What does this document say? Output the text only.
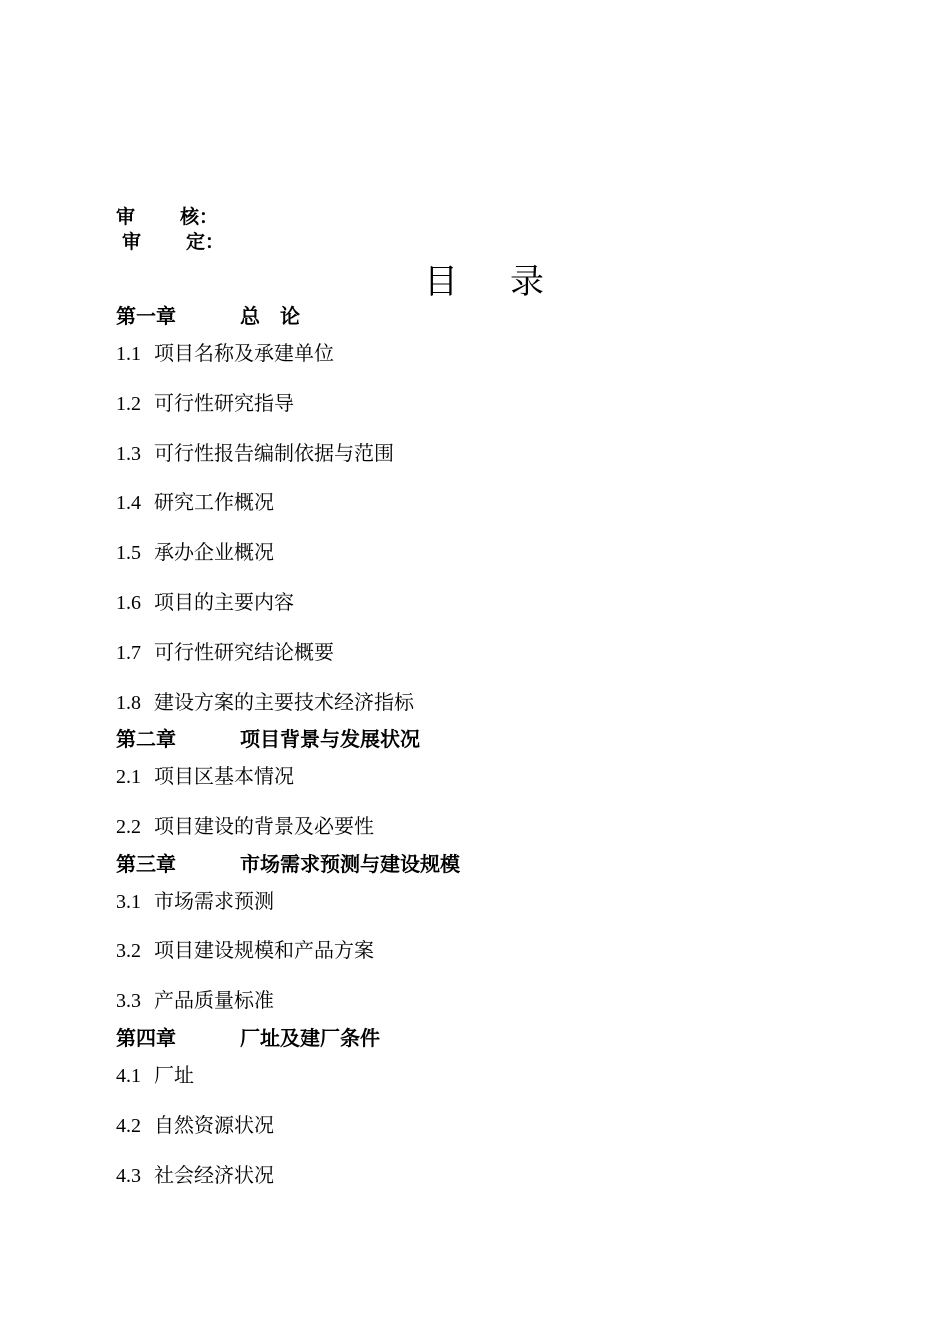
审 核：
审 定：
目 录
第一章	总　论
1.1 项目名称及承建单位
1.2 可行性研究指导
1.3 可行性报告编制依据与范围
1.4 研究工作概况
1.5 承办企业概况
1.6 项目的主要内容
1.7 可行性研究结论概要
1.8 建设方案的主要技术经济指标
第二章	项目背景与发展状况
2.1 项目区基本情况
2.2 项目建设的背景及必要性
第三章	市场需求预测与建设规模
3.1 市场需求预测
3.2 项目建设规模和产品方案
3.3 产品质量标准
第四章	厂址及建厂条件
4.1 厂址
4.2 自然资源状况
4.3 社会经济状况
